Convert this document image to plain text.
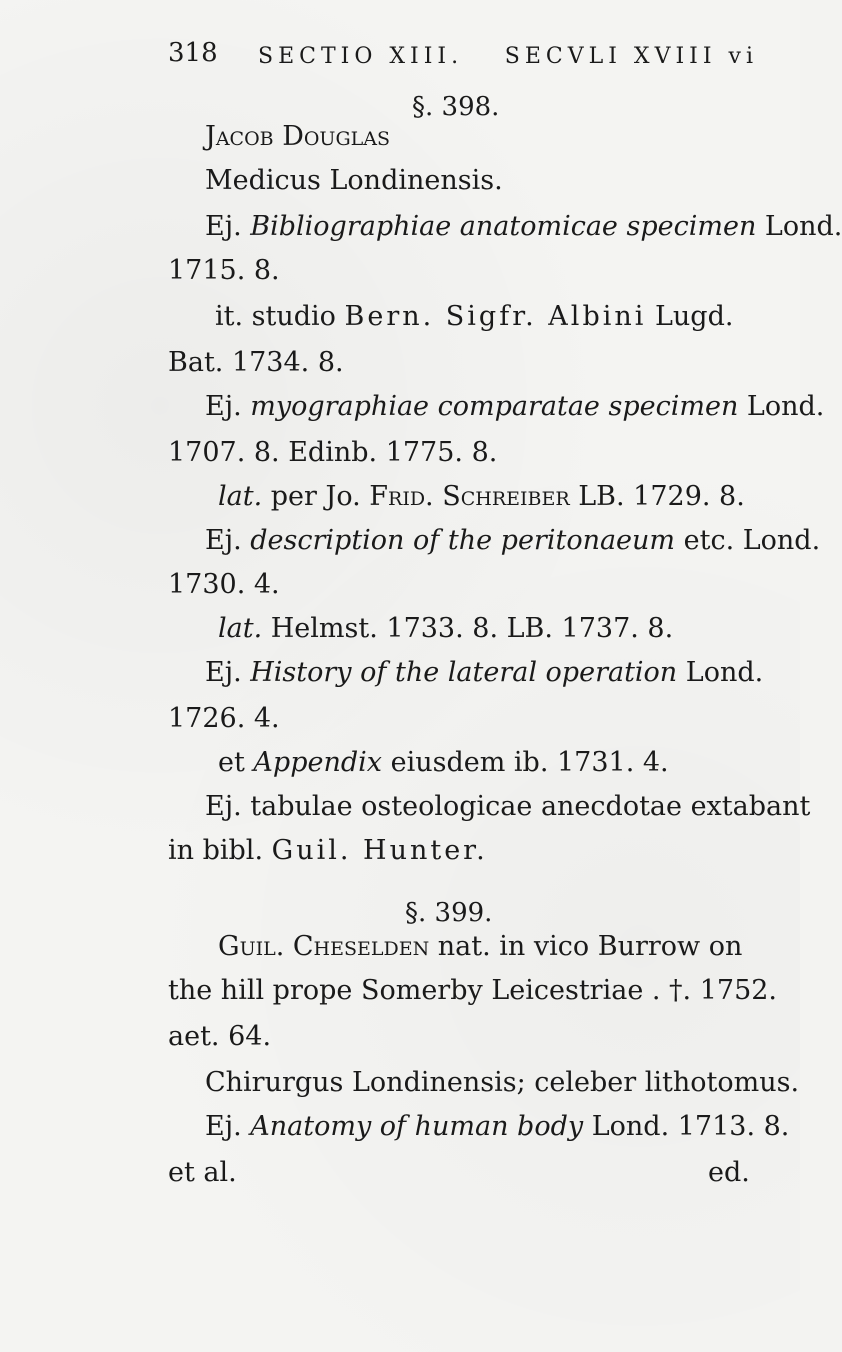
318 SECTIO XIII. SECVLI XVIII vi
§. 398.
Jacob Douglas
Medicus Londinensis.
Ej. Bibliographiae anatomicae specimen Lond.
1715. 8.
it. studio Bern. Sigfr. Albini Lugd.
Bat. 1734. 8.
Ej. myographiae comparatae specimen Lond.
1707. 8. Edinb. 1775. 8.
lat. per Jo. Frid. Schreiber LB. 1729. 8.
Ej. description of the peritonaeum etc. Lond.
1730. 4.
lat. Helmst. 1733. 8. LB. 1737. 8.
Ej. History of the lateral operation Lond.
1726. 4.
et Appendix eiusdem ib. 1731. 4.
Ej. tabulae osteologicae anecdotae extabant
in bibl. Guil. Hunter.
§. 399.
Guil. Cheselden nat. in vico Burrow on
the hill prope Somerby Leicestriae . †. 1752.
aet. 64.
Chirurgus Londinensis; celeber lithotomus.
Ej. Anatomy of human body Lond. 1713. 8.
et al.	ed.
